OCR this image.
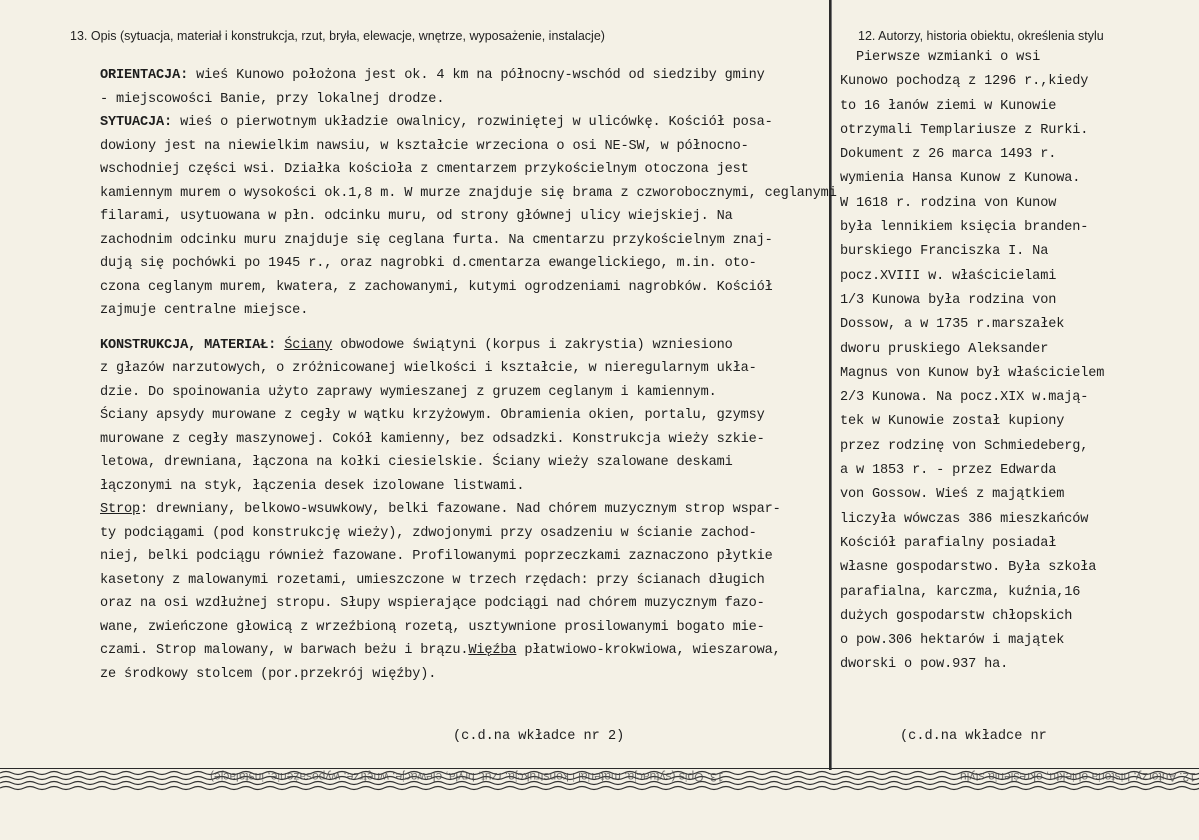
13. Opis (sytuacja, materiał i konstrukcja, rzut, bryła, elewacje, wnętrze, wyposażenie, instalacje)	12. Autorzy, historia obiektu, określenia stylu
ORIENTACJA: wieś Kunowo położona jest ok. 4 km na północny-wschód od siedziby gminy
- miejscowości Banie, przy lokalnej drodze.
SYTUACJA: wieś o pierwotnym układzie owalnicy, rozwiniętej w ulicówkę. Kościół posa-
dowiony jest na niewielkim nawsiu, w kształcie wrzeciona o osi NE-SW, w północno-
wschodniej części wsi. Działka kościoła z cmentarzem przykościelnym otoczona jest
kamiennym murem o wysokości ok.1,8 m. W murze znajduje się brama z czworobocznymi, ceglanymi
filarami, usytuowana w płn. odcinku muru, od strony głównej ulicy wiejskiej. Na
zachodnim odcinku muru znajduje się ceglana furta. Na cmentarzu przykościelnym znaj-
dują się pochówki po 1945 r., oraz nagrobki d.cmentarza ewangelickiego, m.in. oto-
czona ceglanym murem, kwatera, z zachowanymi, kutymi ogrodzeniami nagrobków. Kościół
zajmuje centralne miejsce.
KONSTRUKCJA, MATERIAŁ: Ściany obwodowe świątyni (korpus i zakrystia) wzniesiono
z głazów narzutowych, o zróżnicowanej wielkości i kształcie, w nieregularnym ukła-
dzie. Do spoinowania użyto zaprawy wymieszanej z gruzem ceglanym i kamiennym.
Ściany apsydy murowane z cegły w wątku krzyżowym. Obramienia okien, portalu, gzymsy
murowane z cegły maszynowej. Cokół kamienny, bez odsadzki. Konstrukcja wieży szkie-
letowa, drewniana, łączona na kołki ciesielskie. Ściany wieży szalowane deskami
łączonymi na styk, łączenia desek izolowane listwami.
Strop: drewniany, belkowo-wsuwkowy, belki fazowane. Nad chórem muzycznym strop wspar-
ty podciągami (pod konstrukcję wieży), zdwojonymi przy osadzeniu w ścianie zachod-
niej, belki podciągu również fazowane. Profilowanymi poprzeczkami zaznaczono płytkie
kasetony z malowanymi rozetami, umieszczone w trzech rzędach: przy ścianach długich
oraz na osi wzdłużnej stropu. Słupy wspierające podciągi nad chórem muzycznym fazo-
wane, zwieńczone głowicą z wrzeźbioną rozetą, usztywnione prosilowanymi bogato mie-
czami. Strop malowany, w barwach beżu i brązu.Więźba płatwiowo-krokwiowa, wieszarowa,
ze środkowy stolcem (por.przekrój więźby).
Pierwsze wzmianki o wsi
Kunowo pochodzą z 1296 r.,kiedy
to 16 łanów ziemi w Kunowie
otrzymali Templariusze z Rurki.
Dokument z 26 marca 1493 r.
wymienia Hansa Kunow z Kunowa.
W 1618 r. rodzina von Kunow
była lennikiem księcia branden-
burskiego Franciszka I. Na
pocz.XVIII w. właścicielami
1/3 Kunowa była rodzina von
Dossow, a w 1735 r.marszałek
dworu pruskiego Aleksander
Magnus von Kunow był właścicielem
2/3 Kunowa. Na pocz.XIX w.mają-
tek w Kunowie został kupiony
przez rodzinę von Schmiedeberg,
a w 1853 r. - przez Edwarda
von Gossow. Wieś z majątkiem
liczyła wówczas 386 mieszkańców
Kościół parafialny posiadał
własne gospodarstwo. Była szkoła
parafialna, karczma, kuźnia,16
dużych gospodarstw chłopskich
o pow.306 hektarów i majątek
dworski o pow.937 ha.
(c.d.na wkładce nr 2)	(c.d.na wkładce nr
13. Opis (sytuacja, materiał i konstrukcja, rzut, bryła, elewacje, wnętrze, wyposażenie, instalacje)	12. Autorzy, historia obiektu, określenia stylu
